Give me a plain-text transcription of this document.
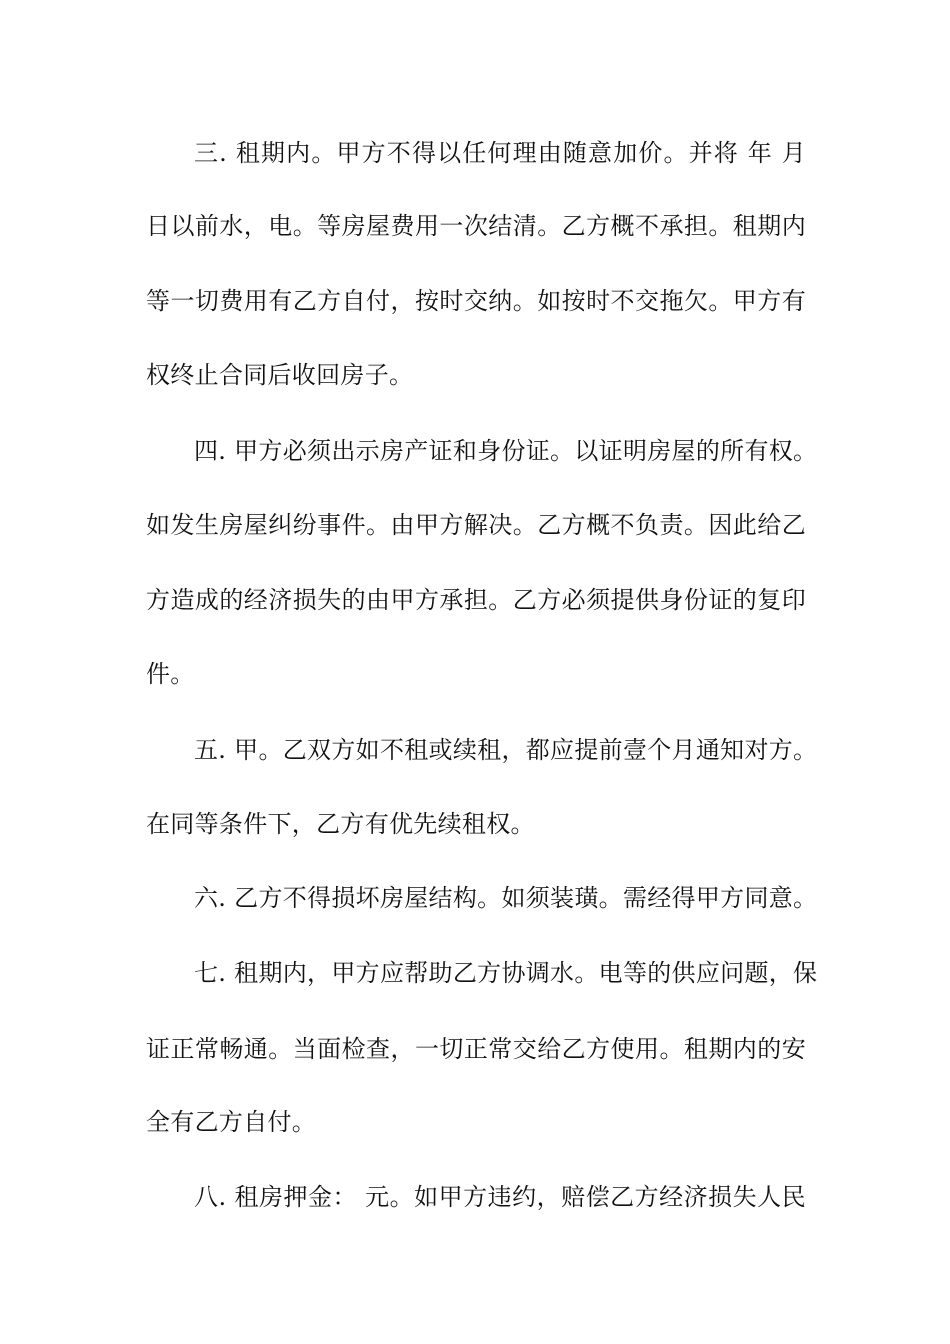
三. 租期内。甲方不得以任何理由随意加价。并将 年 月
日以前水，电。等房屋费用一次结清。乙方概不承担。租期内
等一切费用有乙方自付，按时交纳。如按时不交拖欠。甲方有
权终止合同后收回房子。
四. 甲方必须出示房产证和身份证。以证明房屋的所有权。
如发生房屋纠纷事件。由甲方解决。乙方概不负责。因此给乙
方造成的经济损失的由甲方承担。乙方必须提供身份证的复印
件。
五. 甲。乙双方如不租或续租，都应提前壹个月通知对方。
在同等条件下，乙方有优先续租权。
六. 乙方不得损坏房屋结构。如须装璜。需经得甲方同意。
七. 租期内，甲方应帮助乙方协调水。电等的供应问题，保
证正常畅通。当面检查，一切正常交给乙方使用。租期内的安
全有乙方自付。
八. 租房押金： 元。如甲方违约，赔偿乙方经济损失人民
